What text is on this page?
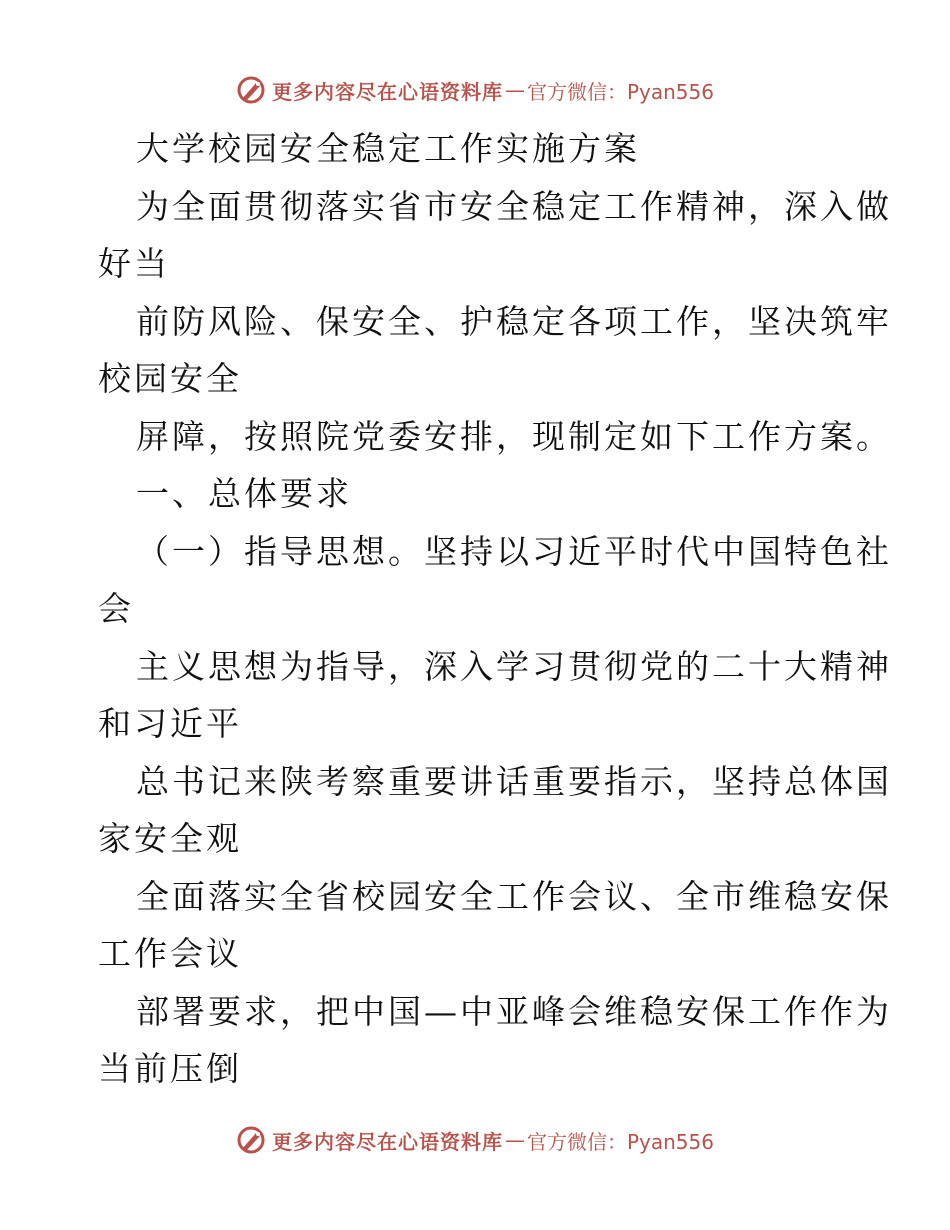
更多内容尽在心语资料库 — 官方微信：Pyan556
大学校园安全稳定工作实施方案
为全面贯彻落实省市安全稳定工作精神，深入做
好当
前防风险、保安全、护稳定各项工作，坚决筑牢
校园安全
屏障，按照院党委安排，现制定如下工作方案。
一、总体要求
（一）指导思想。坚持以习近平时代中国特色社
会
主义思想为指导，深入学习贯彻党的二十大精神
和习近平
总书记来陕考察重要讲话重要指示，坚持总体国
家安全观
全面落实全省校园安全工作会议、全市维稳安保
工作会议
部署要求，把中国—中亚峰会维稳安保工作作为
当前压倒
更多内容尽在心语资料库 — 官方微信：Pyan556
